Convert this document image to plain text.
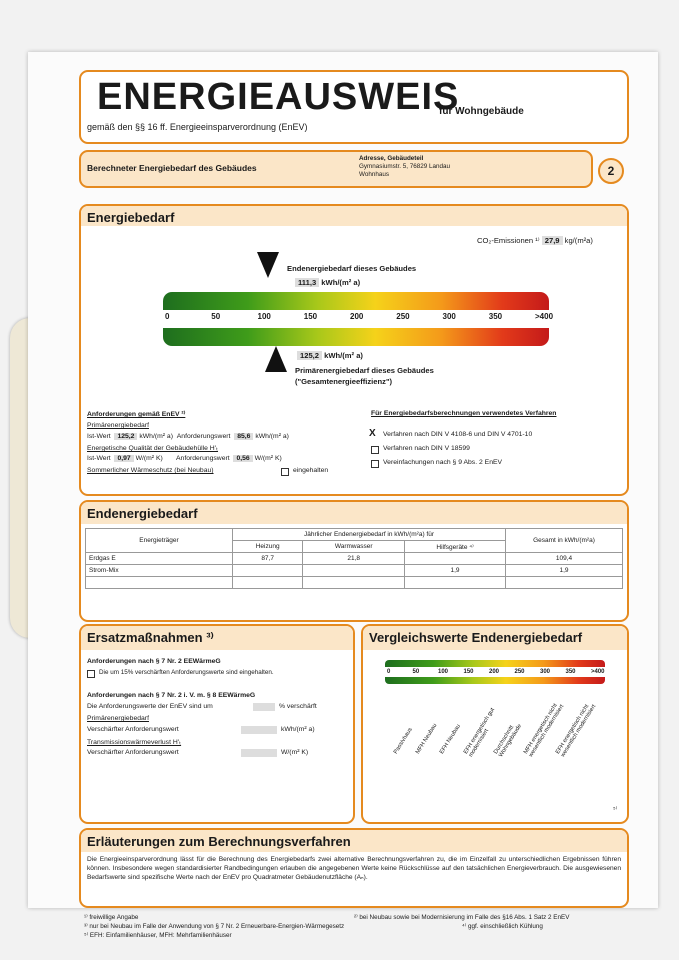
ENERGIEAUSWEIS
für Wohngebäude
gemäß den §§ 16 ff. Energieeinsparverordnung (EnEV)
Berechneter Energiebedarf des Gebäudes
Adresse, Gebäudeteil
Gymnasiumstr. 5, 76829 Landau
Wohnhaus	2
Energiebedarf
CO₂-Emissionen ¹⁾ 27,9 kg/(m²a)
Endenergiebedarf dieses Gebäudes
111,3 kWh/(m² a)
0	50	100	150	200	250	300	350	>400
125,2 kWh/(m² a)
Primärenergiebedarf dieses Gebäudes
("Gesamtenergieeffizienz")
Anforderungen gemäß EnEV ²⁾
Primärenergiebedarf
Ist-Wert 125,2 kWh/(m² a) Anforderungswert 85,6 kWh/(m² a)
Energetische Qualität der Gebäudehülle H'ₜ
Ist-Wert 0,97 W/(m² K) Anforderungswert 0,56 W/(m² K)
Sommerlicher Wärmeschutz (bei Neubau)	eingehalten
Für Energiebedarfsberechnungen verwendetes Verfahren
X Verfahren nach DIN V 4108-6 und DIN V 4701-10
Verfahren nach DIN V 18599
Vereinfachungen nach § 9 Abs. 2 EnEV
Endenergiebedarf
Energieträger	Jährlicher Endenergiebedarf in kWh/(m²a) für			Gesamt in kWh/(m²a)
	Heizung	Warmwasser	Hilfsgeräte ⁴⁾	
Erdgas E	87,7	21,8		109,4
Strom-Mix			1,9	1,9

Ersatzmaßnahmen ³⁾
Anforderungen nach § 7 Nr. 2 EEWärmeG
Die um 15% verschärften Anforderungswerte sind eingehalten.
Anforderungen nach § 7 Nr. 2 i. V. m. § 8 EEWärmeG
Die Anforderungswerte der EnEV sind um	% verschärft
Primärenergiebedarf
Verschärfter Anforderungswert	kWh/(m² a)
Transmissionswärmeverlust H'ₜ
Verschärfter Anforderungswert	W/(m² K)
Vergleichswerte Endenergiebedarf
0	50	100	150	200	250	300	350	>400
Passivhaus MFH Neubau EFH Neubau EFH energetisch gut modernisiert Durchschnitt Wohngebäude MFH energetisch nicht wesentlich modernisiert
EFH energetisch nicht wesentlich modernisiert
⁵⁾
Erläuterungen zum Berechnungsverfahren
Die Energieeinsparverordnung lässt für die Berechnung des Energiebedarfs zwei alternative Berechnungsverfahren zu, die im Einzelfall zu unterschiedlichen Ergebnissen führen können. Insbesondere wegen standardisierter Randbedingungen erlauben die angegebenen Werte keine Rückschlüsse auf den tatsächlichen Energieverbrauch. Die ausgewiesenen Bedarfswerte sind spezifische Werte nach der EnEV pro Quadratmeter Gebäudenutzfläche (Aₙ).
¹⁾ freiwillige Angabe	²⁾ bei Neubau sowie bei Modernisierung im Falle des §16 Abs. 1 Satz 2 EnEV
³⁾ nur bei Neubau im Falle der Anwendung von § 7 Nr. 2 Erneuerbare-Energien-Wärmegesetz	⁴⁾ ggf. einschließlich Kühlung
⁵⁾ EFH: Einfamilienhäuser, MFH: Mehrfamilienhäuser
